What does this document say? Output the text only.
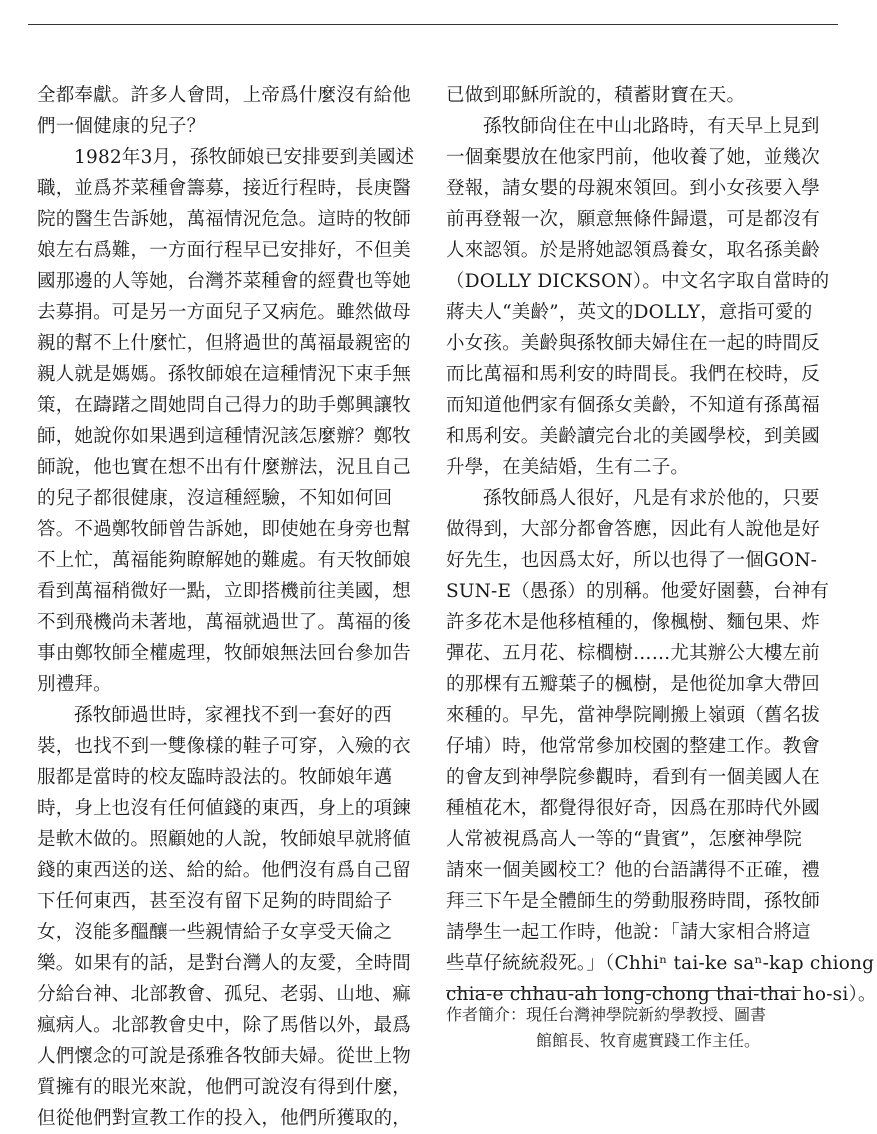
全都奉獻。許多人會問，上帝爲什麼沒有給他
們一個健康的兒子？
1982年3月，孫牧師娘已安排要到美國述
職，並爲芥菜種會籌募，接近行程時，長庚醫
院的醫生告訴她，萬福情況危急。這時的牧師
娘左右爲難，一方面行程早已安排好，不但美
國那邊的人等她，台灣芥菜種會的經費也等她
去募捐。可是另一方面兒子又病危。雖然做母
親的幫不上什麼忙，但將過世的萬福最親密的
親人就是媽媽。孫牧師娘在這種情況下束手無
策，在躊躇之間她問自己得力的助手鄭興讓牧
師，她說你如果遇到這種情況該怎麼辦？鄭牧
師說，他也實在想不出有什麼辦法，況且自己
的兒子都很健康，沒這種經驗，不知如何回
答。不過鄭牧師曾告訴她，即使她在身旁也幫
不上忙，萬福能夠瞭解她的難處。有天牧師娘
看到萬福稍微好一點，立即搭機前往美國，想
不到飛機尚未著地，萬福就過世了。萬福的後
事由鄭牧師全權處理，牧師娘無法回台參加告
別禮拜。
孫牧師過世時，家裡找不到一套好的西
裝，也找不到一雙像樣的鞋子可穿，入殮的衣
服都是當時的校友臨時設法的。牧師娘年邁
時，身上也沒有任何値錢的東西，身上的項鍊
是軟木做的。照顧她的人說，牧師娘早就將値
錢的東西送的送、給的給。他們沒有爲自己留
下任何東西，甚至沒有留下足夠的時間給子
女，沒能多醞釀一些親情給子女享受天倫之
樂。如果有的話，是對台灣人的友愛，全時間
分給台神、北部教會、孤兒、老弱、山地、痲
瘋病人。北部教會史中，除了馬偕以外，最爲
人們懷念的可說是孫雅各牧師夫婦。從世上物
質擁有的眼光來說，他們可說沒有得到什麼，
但從他們對宣教工作的投入，他們所獲取的，
已做到耶穌所說的，積蓄財寶在天。
孫牧師尙住在中山北路時，有天早上見到
一個棄嬰放在他家門前，他收養了她，並幾次
登報，請女嬰的母親來領回。到小女孩要入學
前再登報一次，願意無條件歸還，可是都沒有
人來認領。於是將她認領爲養女，取名孫美齡
（DOLLY DICKSON）。中文名字取自當時的
蔣夫人“美齡”，英文的DOLLY，意指可愛的
小女孩。美齡與孫牧師夫婦住在一起的時間反
而比萬福和馬利安的時間長。我們在校時，反
而知道他們家有個孫女美齡，不知道有孫萬福
和馬利安。美齡讀完台北的美國學校，到美國
升學，在美結婚，生有二子。
孫牧師爲人很好，凡是有求於他的，只要
做得到，大部分都會答應，因此有人說他是好
好先生，也因爲太好，所以也得了一個GON-
SUN-E（愚孫）的別稱。他愛好園藝，台神有
許多花木是他移植種的，像楓樹、麵包果、炸
彈花、五月花、棕櫚樹……尤其辦公大樓左前
的那棵有五瓣葉子的楓樹，是他從加拿大帶回
來種的。早先，當神學院剛搬上嶺頭（舊名拔
仔埔）時，他常常參加校園的整建工作。教會
的會友到神學院參觀時，看到有一個美國人在
種植花木，都覺得很好奇，因爲在那時代外國
人常被視爲高人一等的“貴賓”，怎麼神學院
請來一個美國校工？他的台語講得不正確，禮
拜三下午是全體師生的勞動服務時間，孫牧師
請學生一起工作時，他說：「請大家相合將這
些草仔統統殺死。」（Chhiⁿ tai-ke saⁿ-kap chiong
chia-e chhau-ah long-chong thai-thai ho-si）。
作者簡介：現任台灣神學院新約學教授、圖書
館館長、牧育處實踐工作主任。
